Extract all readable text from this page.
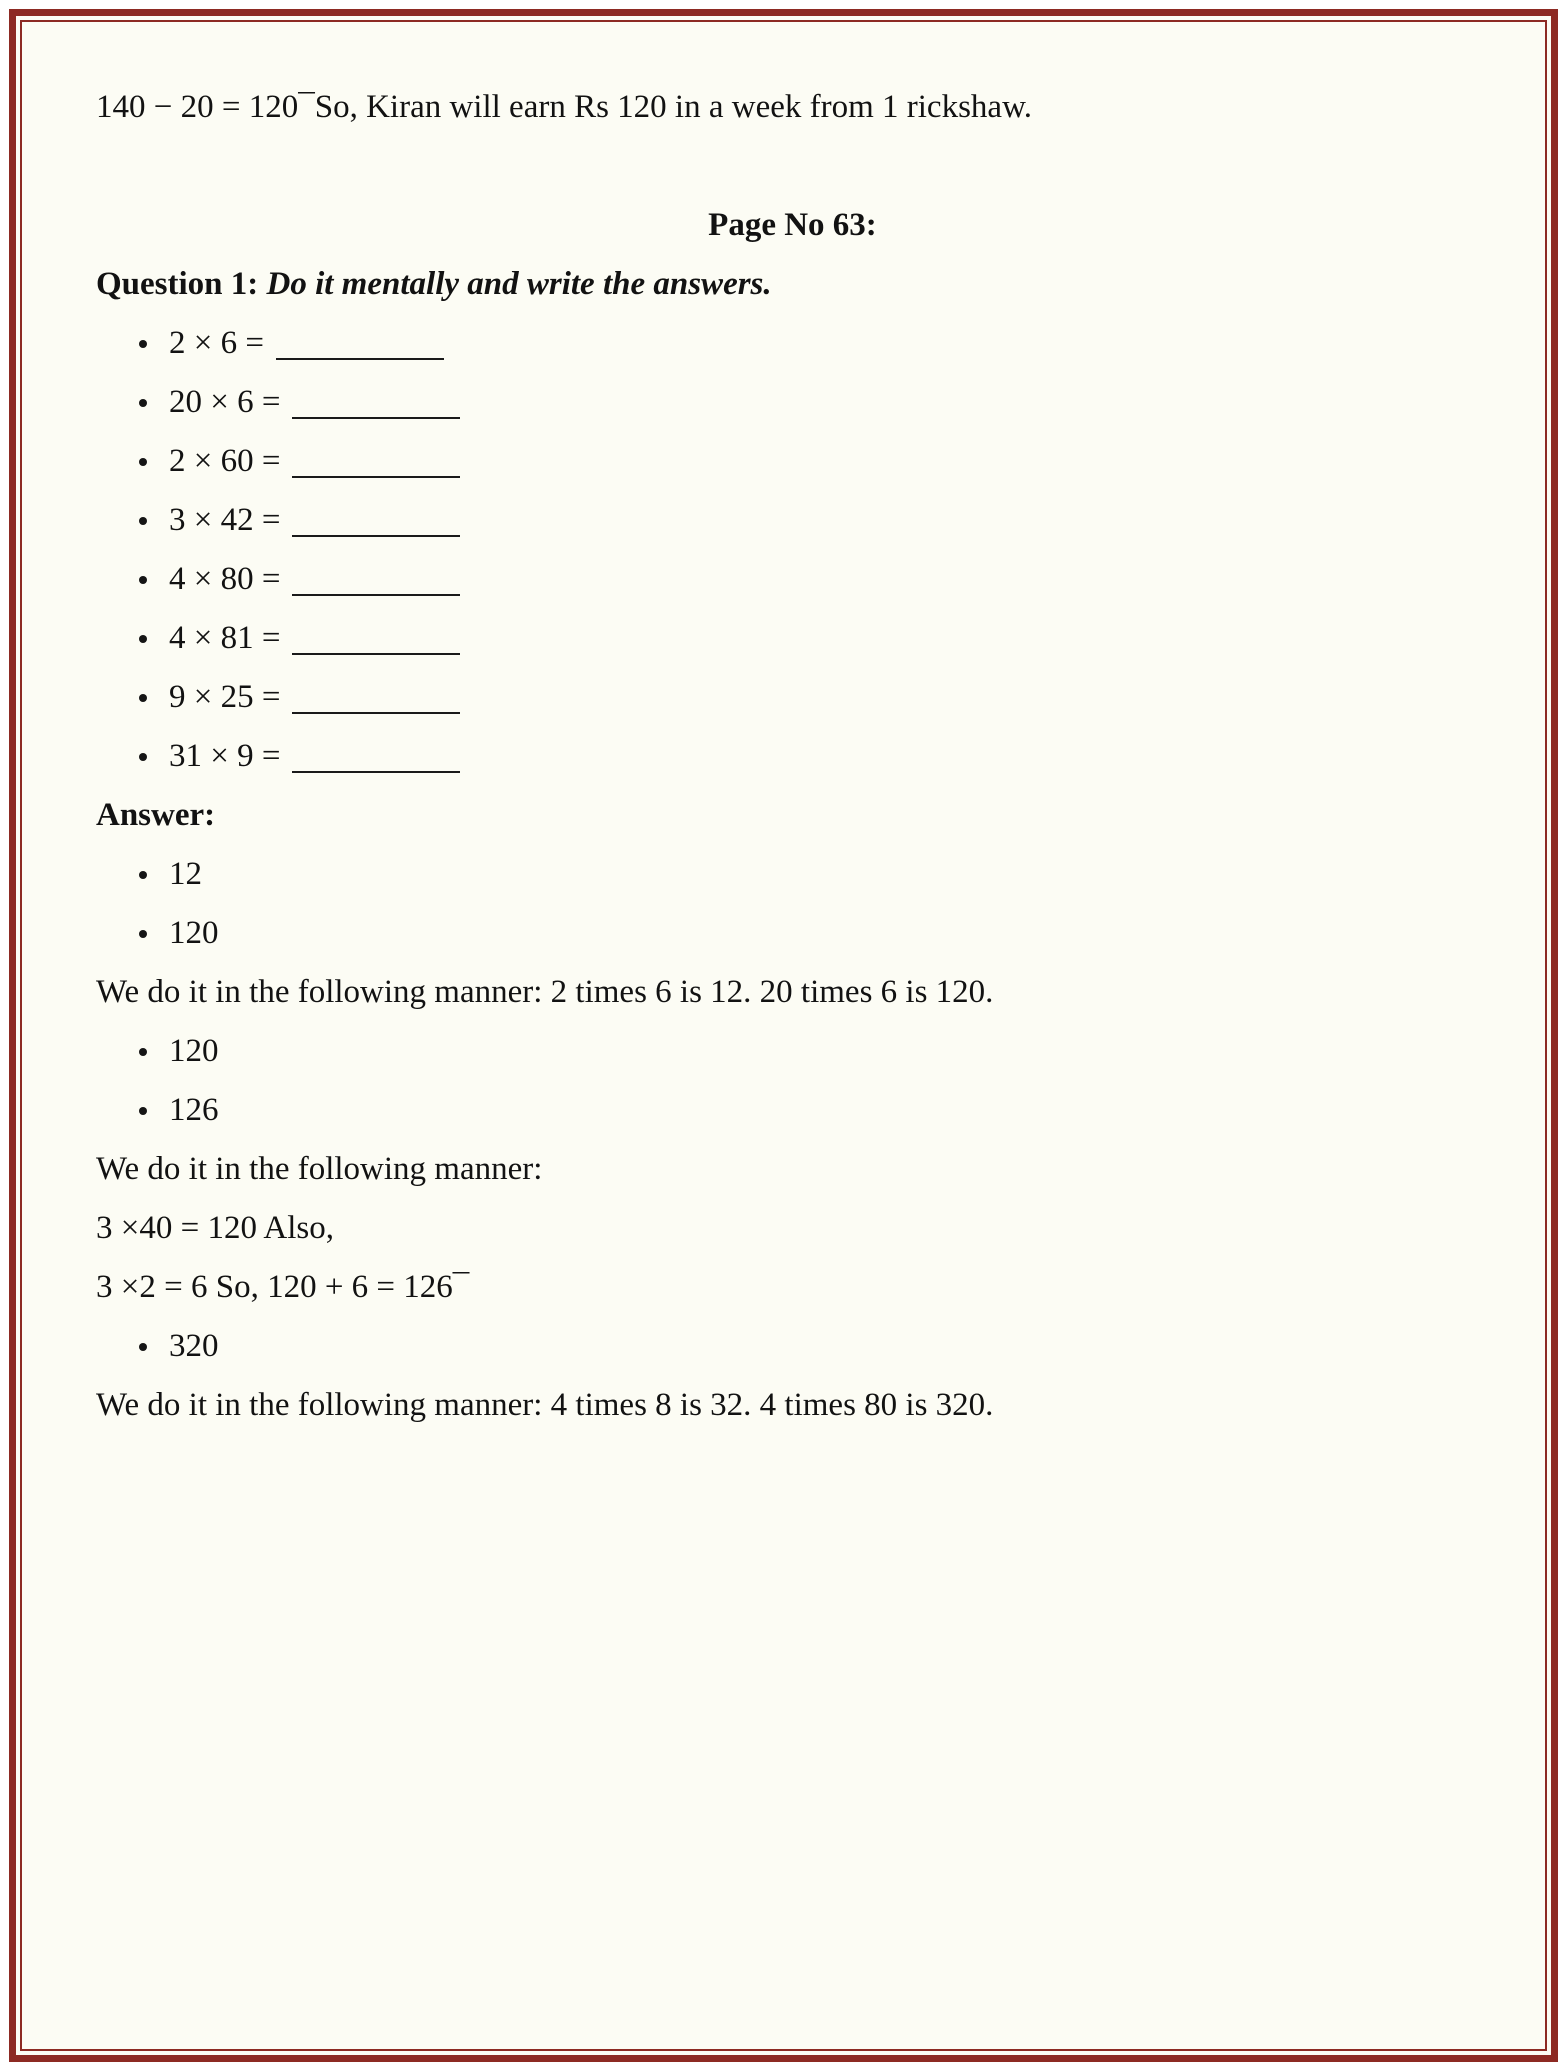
140 − 20 = 120¯So, Kiran will earn Rs 120 in a week from 1 rickshaw.

Page No 63:

Question 1: Do it mentally and write the answers.

2 × 6 =
20 × 6 =
2 × 60 =
3 × 42 =
4 × 80 =
4 × 81 =
9 × 25 =
31 × 9 =

Answer:

12
120

We do it in the following manner: 2 times 6 is 12. 20 times 6 is 120.

120
126

We do it in the following manner:

3 ×40 = 120 Also,

3 ×2 = 6 So, 120 + 6 = 126¯

320

We do it in the following manner: 4 times 8 is 32. 4 times 80 is 320.
